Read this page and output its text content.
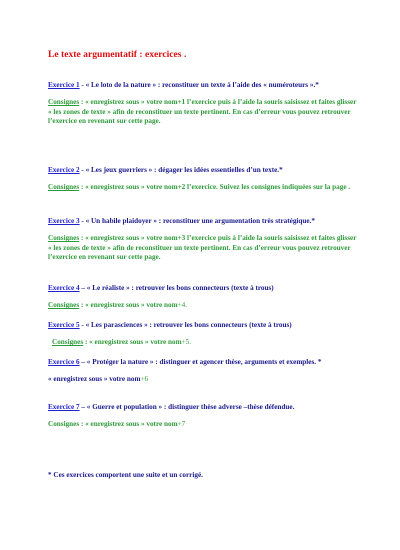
Le texte argumentatif : exercices .
Exercice 1 - « Le loto de la nature » : reconstituer un texte à l’aide des « numéroteurs ».*
Consignes : « enregistrez sous » votre nom+1 l’exercice puis à l’aide la souris saisissez et faites glisser « les zones de texte » afin de reconstituer un texte pertinent. En cas d’erreur vous pouvez retrouver l’exercice en revenant sur cette page.
Exercice 2 - « Les jeux guerriers » : dégager les idées essentielles d’un texte.*
Consignes : « enregistrez sous » votre nom+2 l’exercice. Suivez les consignes indiquées sur la page .
Exercice 3 - « Un habile plaidoyer » : reconstituer une argumentation très stratégique.*
Consignes : « enregistrez sous » votre nom+3 l’exercice puis à l’aide la souris saisissez et faites glisser « les zones de texte » afin de reconstituer un texte pertinent. En cas d’erreur vous pouvez retrouver l’exercice en revenant sur cette page.
Exercice 4 – « Le réaliste » : retrouver les bons connecteurs (texte à trous)
Consignes : « enregistrez sous » votre nom+4.
Exercice 5 - « Les parasciences » : retrouver les bons connecteurs (texte à trous)
Consignes : « enregistrez sous » votre nom+5.
Exercice 6 – « Protéger la nature » : distinguer et agencer thèse, arguments et exemples. *
« enregistrez sous » votre nom+6
Exercice 7 – « Guerre et population » : distinguer thèse adverse –thèse défendue.
Consignes : « enregistrez sous » votre nom+7
* Ces exercices comportent une suite et un corrigé.
